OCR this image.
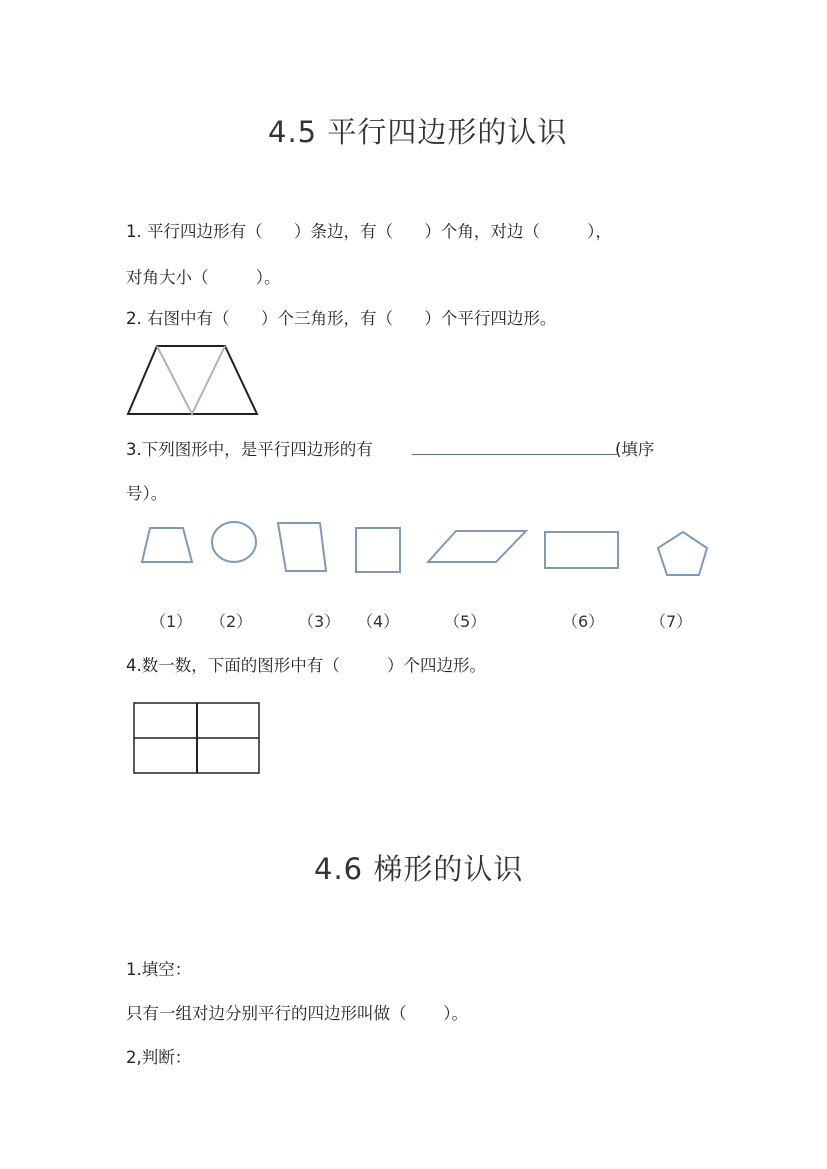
4.5 平行四边形的认识
1. 平行四边形有（      ）条边，有（      ）个角，对边（         ），
对角大小（         ）。
2. 右图中有（      ）个三角形，有（      ）个平行四边形。
3.下列图形中，是平行四边形的有	(填序
号）。
（1） （2）	（3） （4）	（5）	（6）	（7）
4.数一数，下面的图形中有（         ）个四边形。
4.6 梯形的认识
1.填空：
只有一组对边分别平行的四边形叫做（       ）。
2,判断：
